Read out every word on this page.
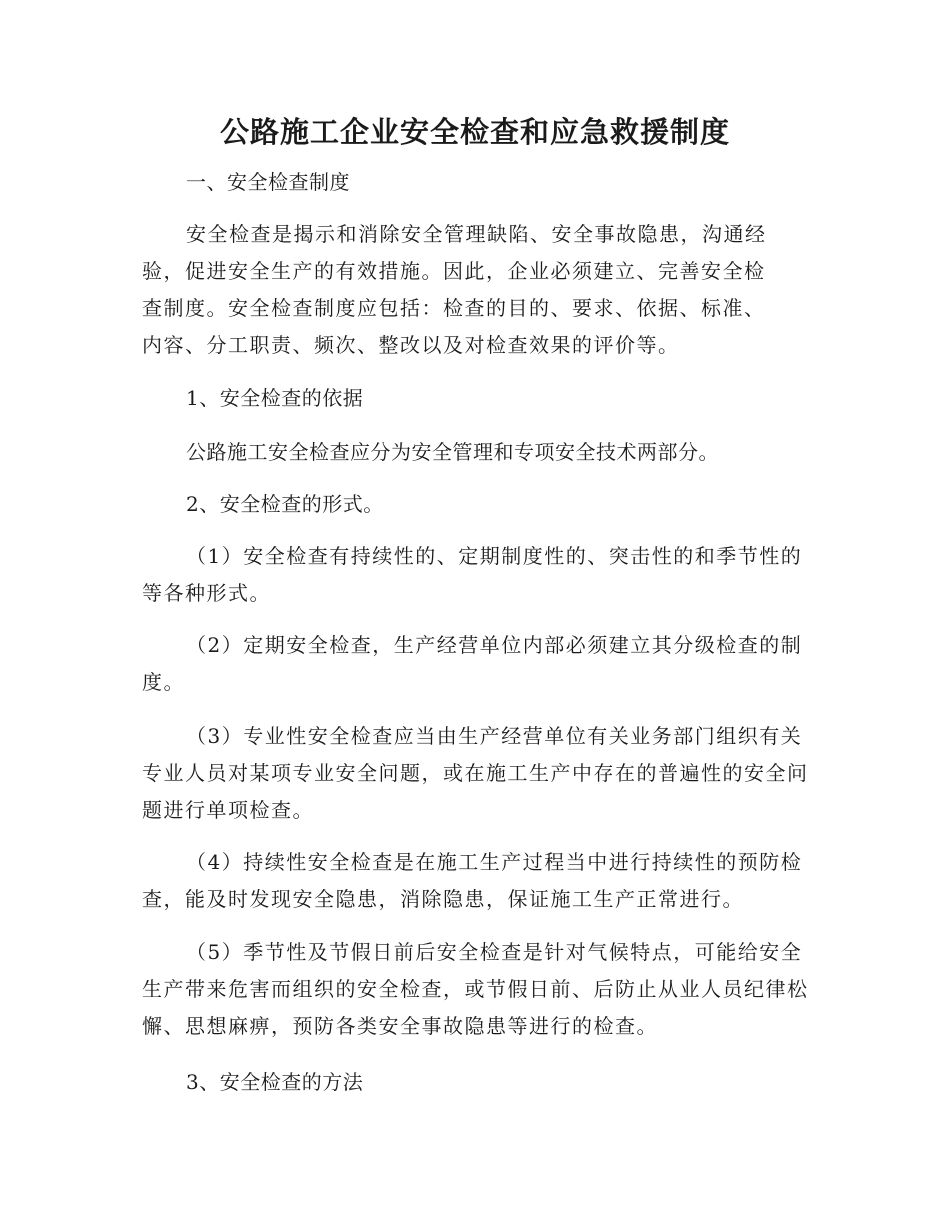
公路施工企业安全检查和应急救援制度
一、安全检查制度

安全检查是揭示和消除安全管理缺陷、安全事故隐患，沟通经验，促进安全生产的有效措施。因此，企业必须建立、完善安全检查制度。安全检查制度应包括：检查的目的、要求、依据、标准、内容、分工职责、频次、整改以及对检查效果的评价等。

1、安全检查的依据
公路施工安全检查应分为安全管理和专项安全技术两部分。
2、安全检查的形式。

（1）安全检查有持续性的、定期制度性的、突击性的和季节性的等各种形式。

（2）定期安全检查，生产经营单位内部必须建立其分级检查的制度。

（3）专业性安全检查应当由生产经营单位有关业务部门组织有关专业人员对某项专业安全问题，或在施工生产中存在的普遍性的安全问题进行单项检查。

（4）持续性安全检查是在施工生产过程当中进行持续性的预防检查，能及时发现安全隐患，消除隐患，保证施工生产正常进行。

（5）季节性及节假日前后安全检查是针对气候特点，可能给安全生产带来危害而组织的安全检查，或节假日前、后防止从业人员纪律松懈、思想麻痹，预防各类安全事故隐患等进行的检查。

3、安全检查的方法
